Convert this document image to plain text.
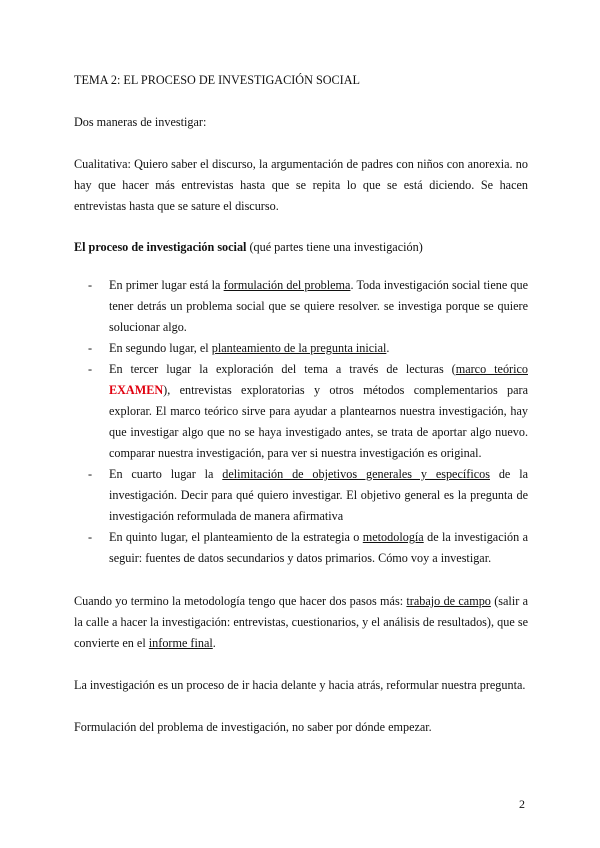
TEMA 2: EL PROCESO DE INVESTIGACIÓN SOCIAL

Dos maneras de investigar:

Cualitativa: Quiero saber el discurso, la argumentación de padres con niños con anorexia. no hay que hacer más entrevistas hasta que se repita lo que se está diciendo. Se hacen entrevistas hasta que se sature el discurso.

El proceso de investigación social (qué partes tiene una investigación)

- En primer lugar está la formulación del problema. Toda investigación social tiene que tener detrás un problema social que se quiere resolver. se investiga porque se quiere solucionar algo.
- En segundo lugar, el planteamiento de la pregunta inicial.
- En tercer lugar la exploración del tema a través de lecturas (marco teórico EXAMEN), entrevistas exploratorias y otros métodos complementarios para explorar. El marco teórico sirve para ayudar a plantearnos nuestra investigación, hay que investigar algo que no se haya investigado antes, se trata de aportar algo nuevo. comparar nuestra investigación, para ver si nuestra investigación es original.
- En cuarto lugar la delimitación de objetivos generales y específicos de la investigación. Decir para qué quiero investigar. El objetivo general es la pregunta de investigación reformulada de manera afirmativa
- En quinto lugar, el planteamiento de la estrategia o metodología de la investigación a seguir: fuentes de datos secundarios y datos primarios. Cómo voy a investigar.

Cuando yo termino la metodología tengo que hacer dos pasos más: trabajo de campo (salir a la calle a hacer la investigación: entrevistas, cuestionarios, y el análisis de resultados), que se convierte en el informe final.

La investigación es un proceso de ir hacia delante y hacia atrás, reformular nuestra pregunta.

Formulación del problema de investigación, no saber por dónde empezar.

2
